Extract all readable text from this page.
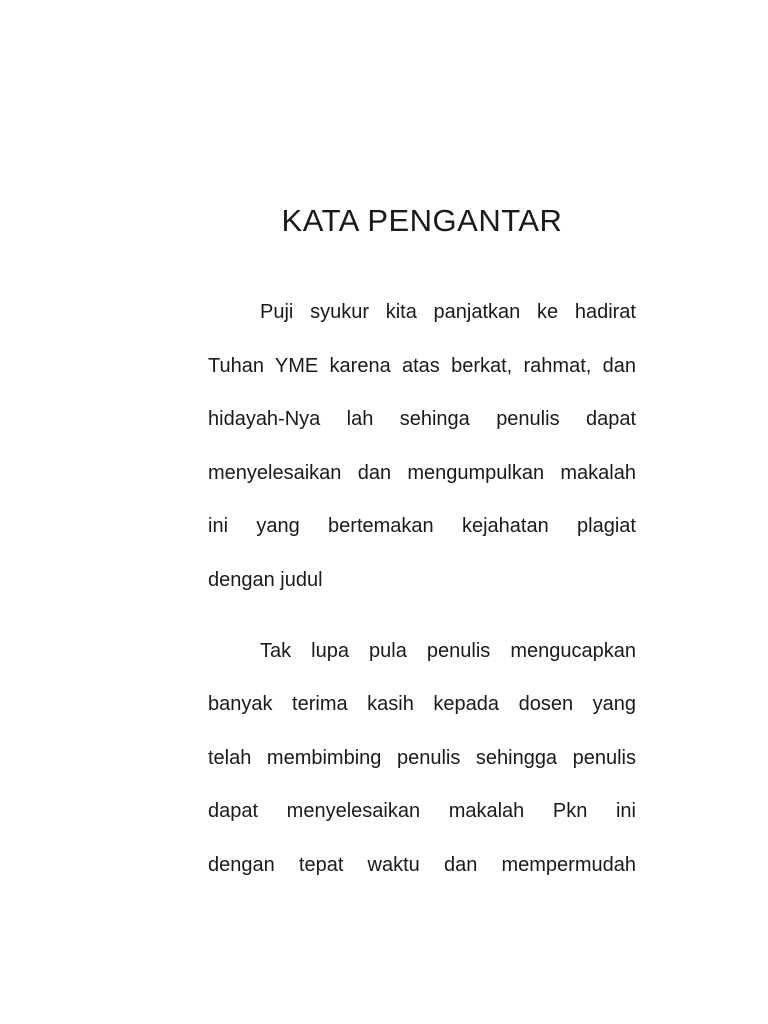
KATA PENGANTAR
Puji syukur kita panjatkan ke hadirat
Tuhan YME karena atas berkat, rahmat, dan
hidayah-Nya lah sehinga penulis dapat
menyelesaikan dan mengumpulkan makalah
ini yang bertemakan kejahatan plagiat
dengan judul
Tak lupa pula penulis mengucapkan
banyak terima kasih kepada dosen yang
telah membimbing penulis sehingga penulis
dapat menyelesaikan makalah Pkn ini
dengan tepat waktu dan mempermudah
